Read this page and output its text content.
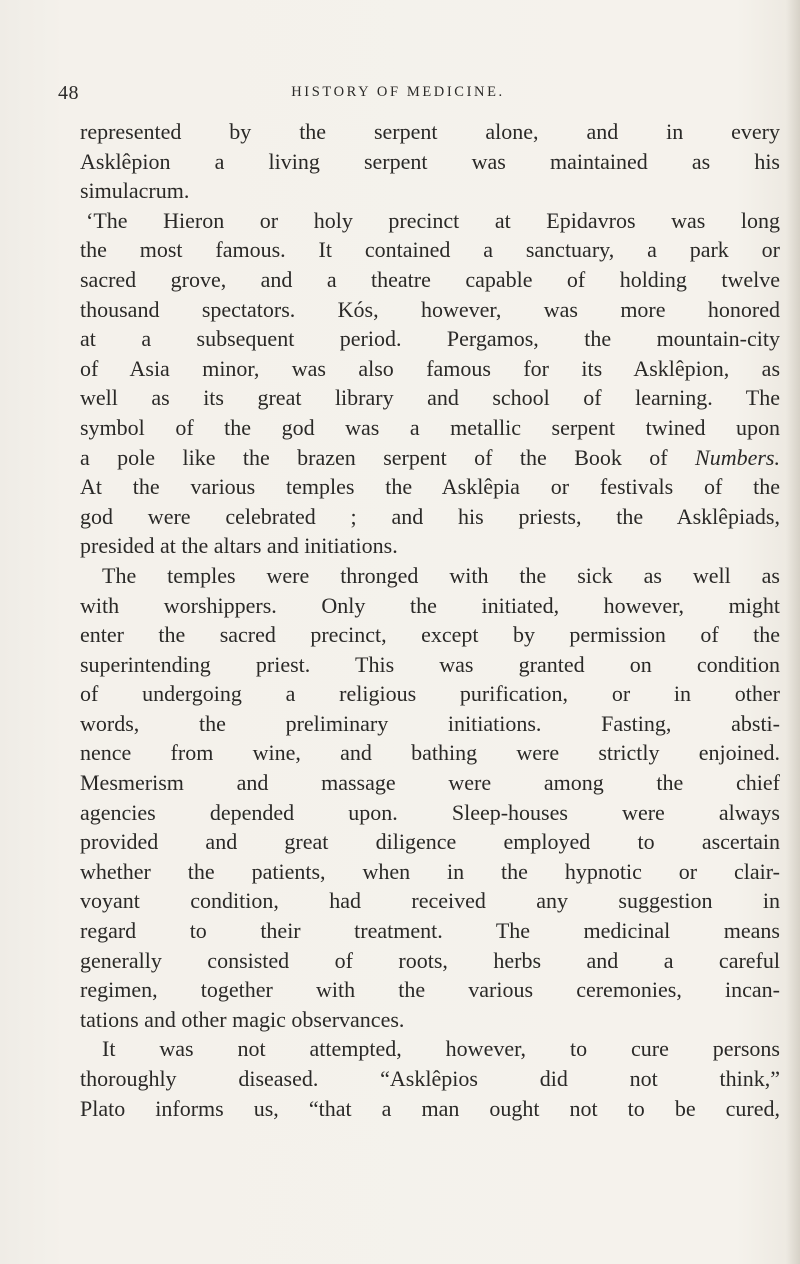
48	HISTORY OF MEDICINE.
represented by the serpent alone, and in every
Asklêpion a living serpent was maintained as his
simulacrum.
‘The Hieron or holy precinct at Epidavros was long
the most famous. It contained a sanctuary, a park or
sacred grove, and a theatre capable of holding twelve
thousand spectators. Kós, however, was more honored
at a subsequent period. Pergamos, the mountain-city
of Asia minor, was also famous for its Asklêpion, as
well as its great library and school of learning. The
symbol of the god was a metallic serpent twined upon
a pole like the brazen serpent of the Book of Numbers.
At the various temples the Asklêpia or festivals of the
god were celebrated ; and his priests, the Asklêpiads,
presided at the altars and initiations.
The temples were thronged with the sick as well as
with worshippers. Only the initiated, however, might
enter the sacred precinct, except by permission of the
superintending priest. This was granted on condition
of undergoing a religious purification, or in other
words, the preliminary initiations. Fasting, absti-
nence from wine, and bathing were strictly enjoined.
Mesmerism and massage were among the chief
agencies depended upon. Sleep-houses were always
provided and great diligence employed to ascertain
whether the patients, when in the hypnotic or clair-
voyant condition, had received any suggestion in
regard to their treatment. The medicinal means
generally consisted of roots, herbs and a careful
regimen, together with the various ceremonies, incan-
tations and other magic observances.
It was not attempted, however, to cure persons
thoroughly diseased. “Asklêpios did not think,”
Plato informs us, “that a man ought not to be cured,
